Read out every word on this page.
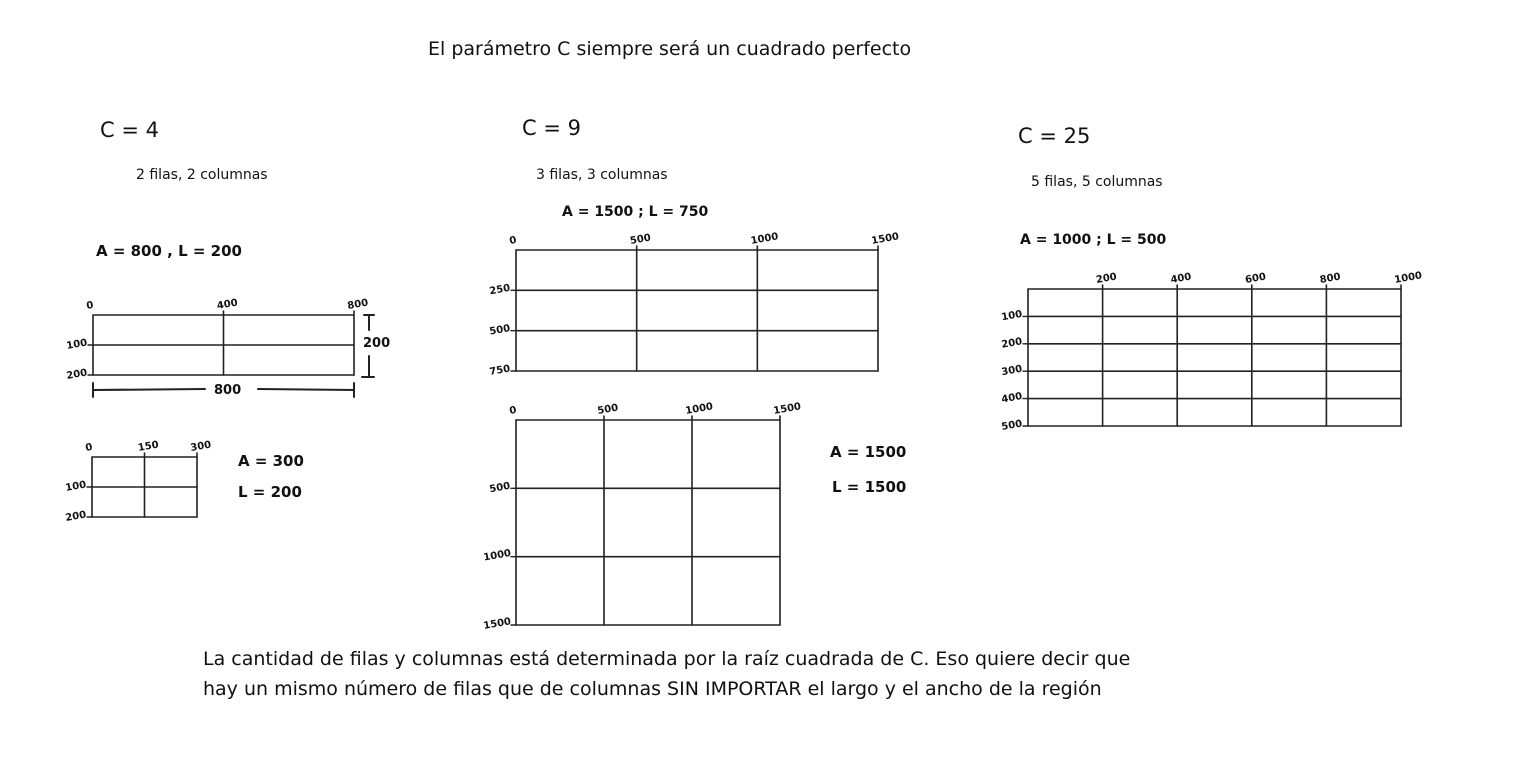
El parámetro C siempre será un cuadrado perfecto
C = 4
2 filas, 2 columnas
A = 800 , L = 200
A = 300
L = 200
C = 9
3 filas, 3 columnas
A = 1500 ; L = 750
A = 1500
L = 1500
C = 25
5 filas, 5 columnas
A = 1000 ; L = 500
La cantidad de filas y columnas está determinada por la raíz cuadrada de C. Eso quiere decir que
hay un mismo número de filas que de columnas SIN IMPORTAR el largo y el ancho de la región
0	400	800
100
200
0	150	300
100
200
0	500	1000	1500
250
500
750
0	500	1000	1500
500
1000
1500
200	400	600	800	1000
100
200
300
400
500
800
200
